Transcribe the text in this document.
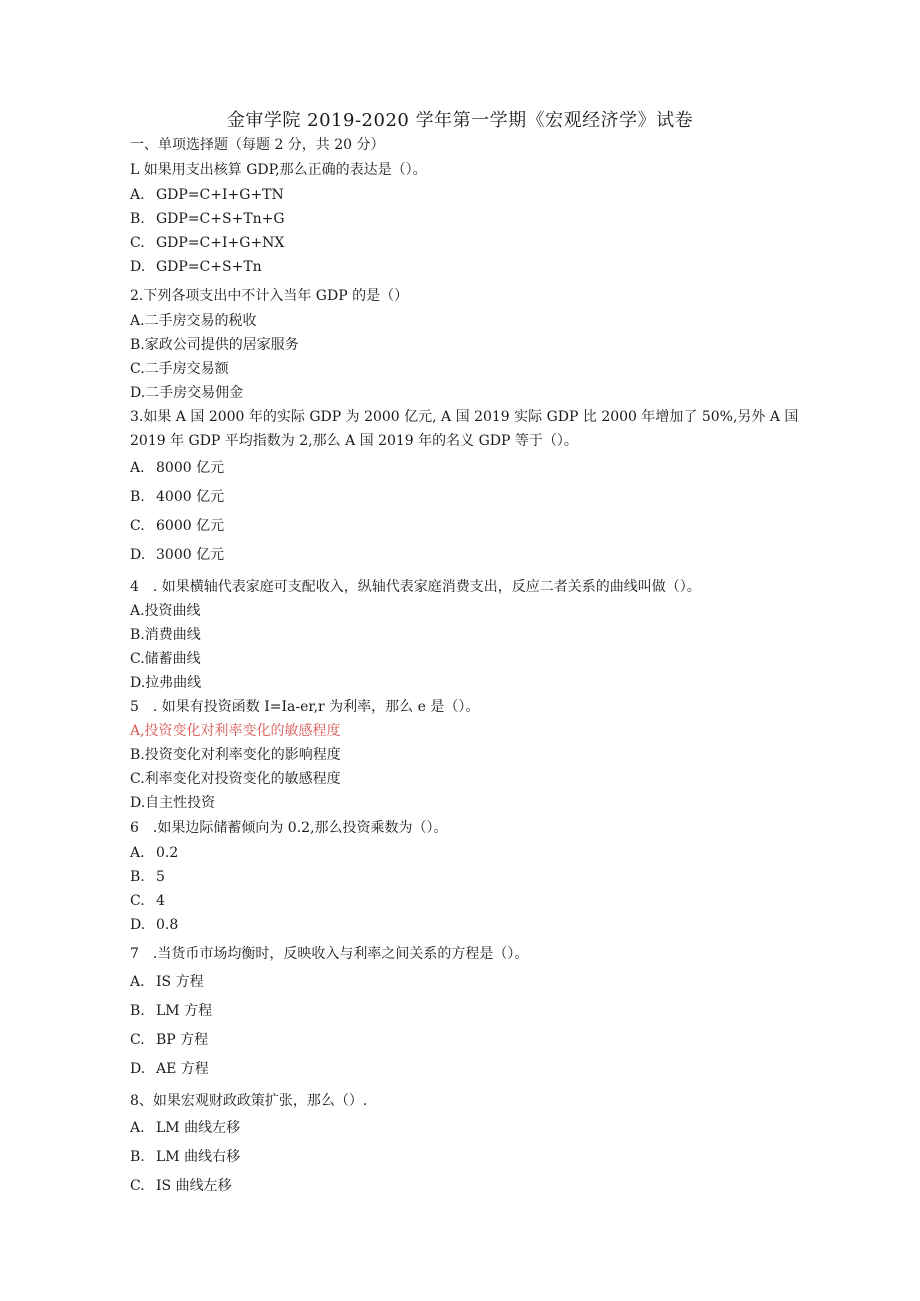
金审学院 2019-2020 学年第一学期《宏观经济学》试卷
一、单项选择题（每题 2 分，共 20 分）
L 如果用支出核算 GDP,那么正确的表达是（）。
A. GDP=C+I+G+TN
B. GDP=C+S+Tn+G
C. GDP=C+I+G+NX
D. GDP=C+S+Tn
2.下列各项支出中不计入当年 GDP 的是（）
A.二手房交易的税收
B.家政公司提供的居家服务
C.二手房交易额
D.二手房交易佣金
3.如果 A 国 2000 年的实际 GDP 为 2000 亿元, A 国 2019 实际 GDP 比 2000 年增加了 50%,另外 A 国
2019 年 GDP 平均指数为 2,那么 A 国 2019 年的名义 GDP 等于（）。
A. 8000 亿元
B. 4000 亿元
C. 6000 亿元
D. 3000 亿元
4　. 如果横轴代表家庭可支配收入，纵轴代表家庭消费支出，反应二者关系的曲线叫做（）。
A.投资曲线
B.消费曲线
C.储蓄曲线
D.拉弗曲线
5　. 如果有投资函数 I=Ia-er,r 为利率，那么 e 是（）。
A,投资变化对利率变化的敏感程度
B.投资变化对利率变化的影响程度
C.利率变化对投资变化的敏感程度
D.自主性投资
6　.如果边际储蓄倾向为 0.2,那么投资乘数为（）。
A. 0.2
B. 5
C. 4
D. 0.8
7　.当货币市场均衡时，反映收入与利率之间关系的方程是（）。
A. IS 方程
B. LM 方程
C. BP 方程
D. AE 方程
8、如果宏观财政政策扩张，那么（）.
A. LM 曲线左移
B. LM 曲线右移
C. IS 曲线左移
